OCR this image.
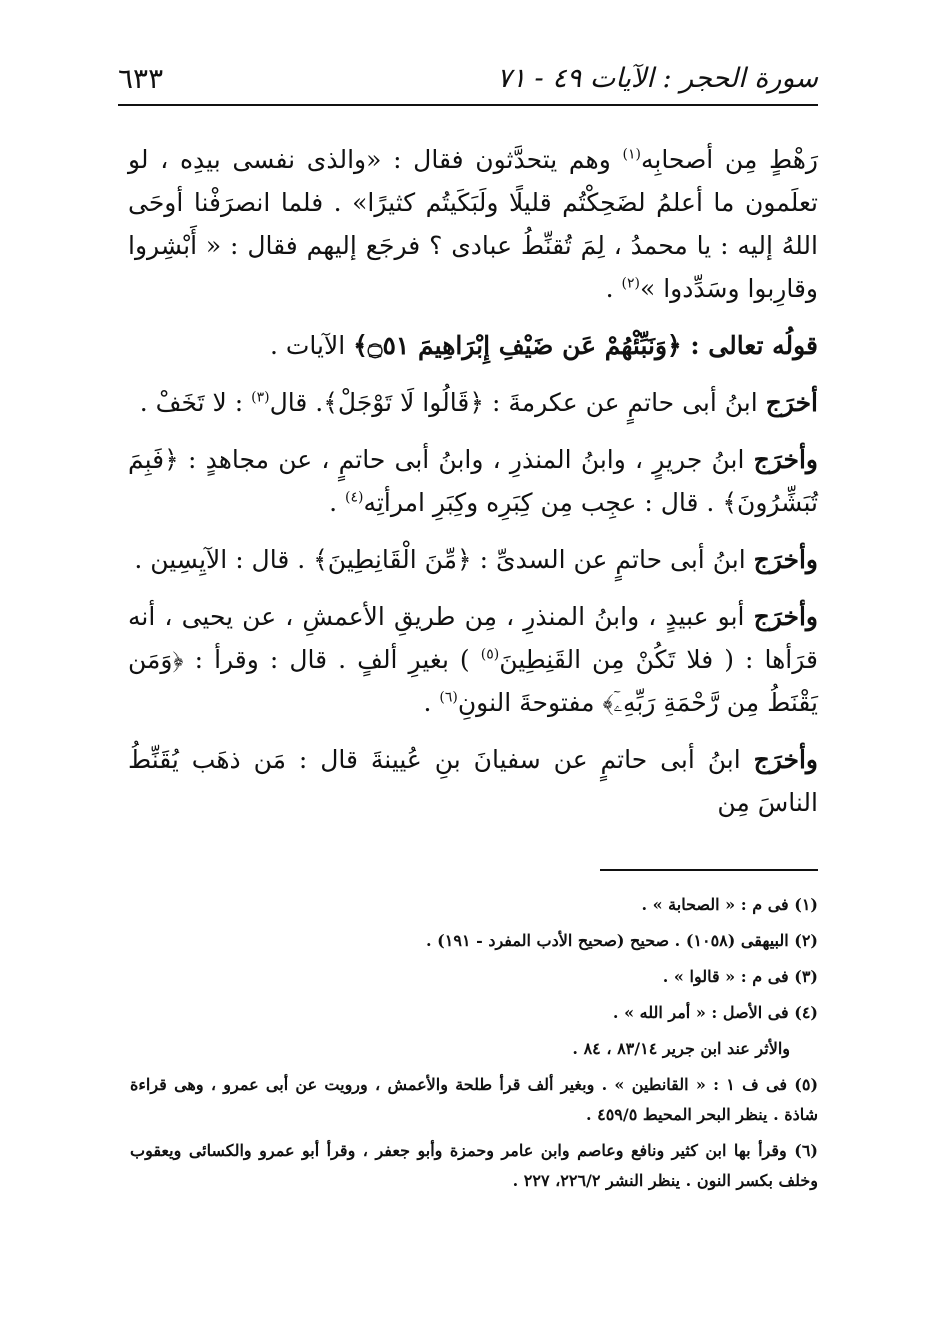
٦٣٣	سورة الحجر : الآيات ٤٩ - ٧١

رَهْطٍ مِن أصحابِه$^{(١)}$ وهم يتحدَّثون فقال : «والذى نفسى بيدِه ، لو تعلَمون ما أعلمُ لضَحِكْتُم قليلًا ولَبَكَيتُم كثيرًا» . فلما انصرَفْنا أوحَى اللهُ إليه : يا محمدُ ، لِمَ تُقنِّطُ عبادى ؟ فرجَع إليهم فقال : « أَبْشِروا وقارِبوا وسَدِّدوا »$^{(٢)}$ .

قولُه تعالى : ﴿وَنَبِّئْهُمْ عَن ضَيْفِ إِبْرَاهِيمَ ۝٥١﴾ الآيات .

أخرَج ابنُ أبى حاتمٍ عن عكرمةَ : ﴿قَالُوا لَا تَوْجَلْ﴾. قال$^{(٣)}$ : لا تَخَفْ .

وأخرَج ابنُ جريرٍ ، وابنُ المنذرِ ، وابنُ أبى حاتمٍ ، عن مجاهدٍ : ﴿فَبِمَ تُبَشِّرُونَ﴾ . قال : عجِب مِن كِبَرِه وكِبَرِ امرأتِه$^{(٤)}$ .

وأخرَج ابنُ أبى حاتمٍ عن السدىِّ : ﴿مِّنَ الْقَانِطِينَ﴾ . قال : الآيِسِين .

وأخرَج أبو عبيدٍ ، وابنُ المنذرِ ، مِن طريقِ الأعمشِ ، عن يحيى ، أنه قرَأها : ( فلا تَكُنْ مِن القَنِطِينَ$^{(٥)}$ ) بغيرِ ألفٍ . قال : وقرأ : ﴿وَمَن يَقْنَطُ مِن رَّحْمَةِ رَبِّهِۦٓ﴾ مفتوحةَ النونِ$^{(٦)}$ .

وأخرَج ابنُ أبى حاتمٍ عن سفيانَ بنِ عُيينةَ قال : مَن ذهَب يُقَنِّطُ الناسَ مِن

(١) فى م : « الصحابة » .

(٢) البيهقى (١٠٥٨) . صحيح (صحيح الأدب المفرد - ١٩١) .

(٣) فى م : « قالوا » .

(٤) فى الأصل : « أمر الله » .

والأثر عند ابن جرير ٨٣/١٤ ، ٨٤ .

(٥) فى ف ١ : « القانطين » . وبغير ألف قرأ طلحة والأعمش ، ورويت عن أبى عمرو ، وهى قراءة شاذة . ينظر البحر المحيط ٤٥٩/٥ .

(٦) وقرأ بها ابن كثير ونافع وعاصم وابن عامر وحمزة وأبو جعفر ، وقرأ أبو عمرو والكسائى ويعقوب وخلف بكسر النون . ينظر النشر ٢٢٦/٢، ٢٢٧ .
